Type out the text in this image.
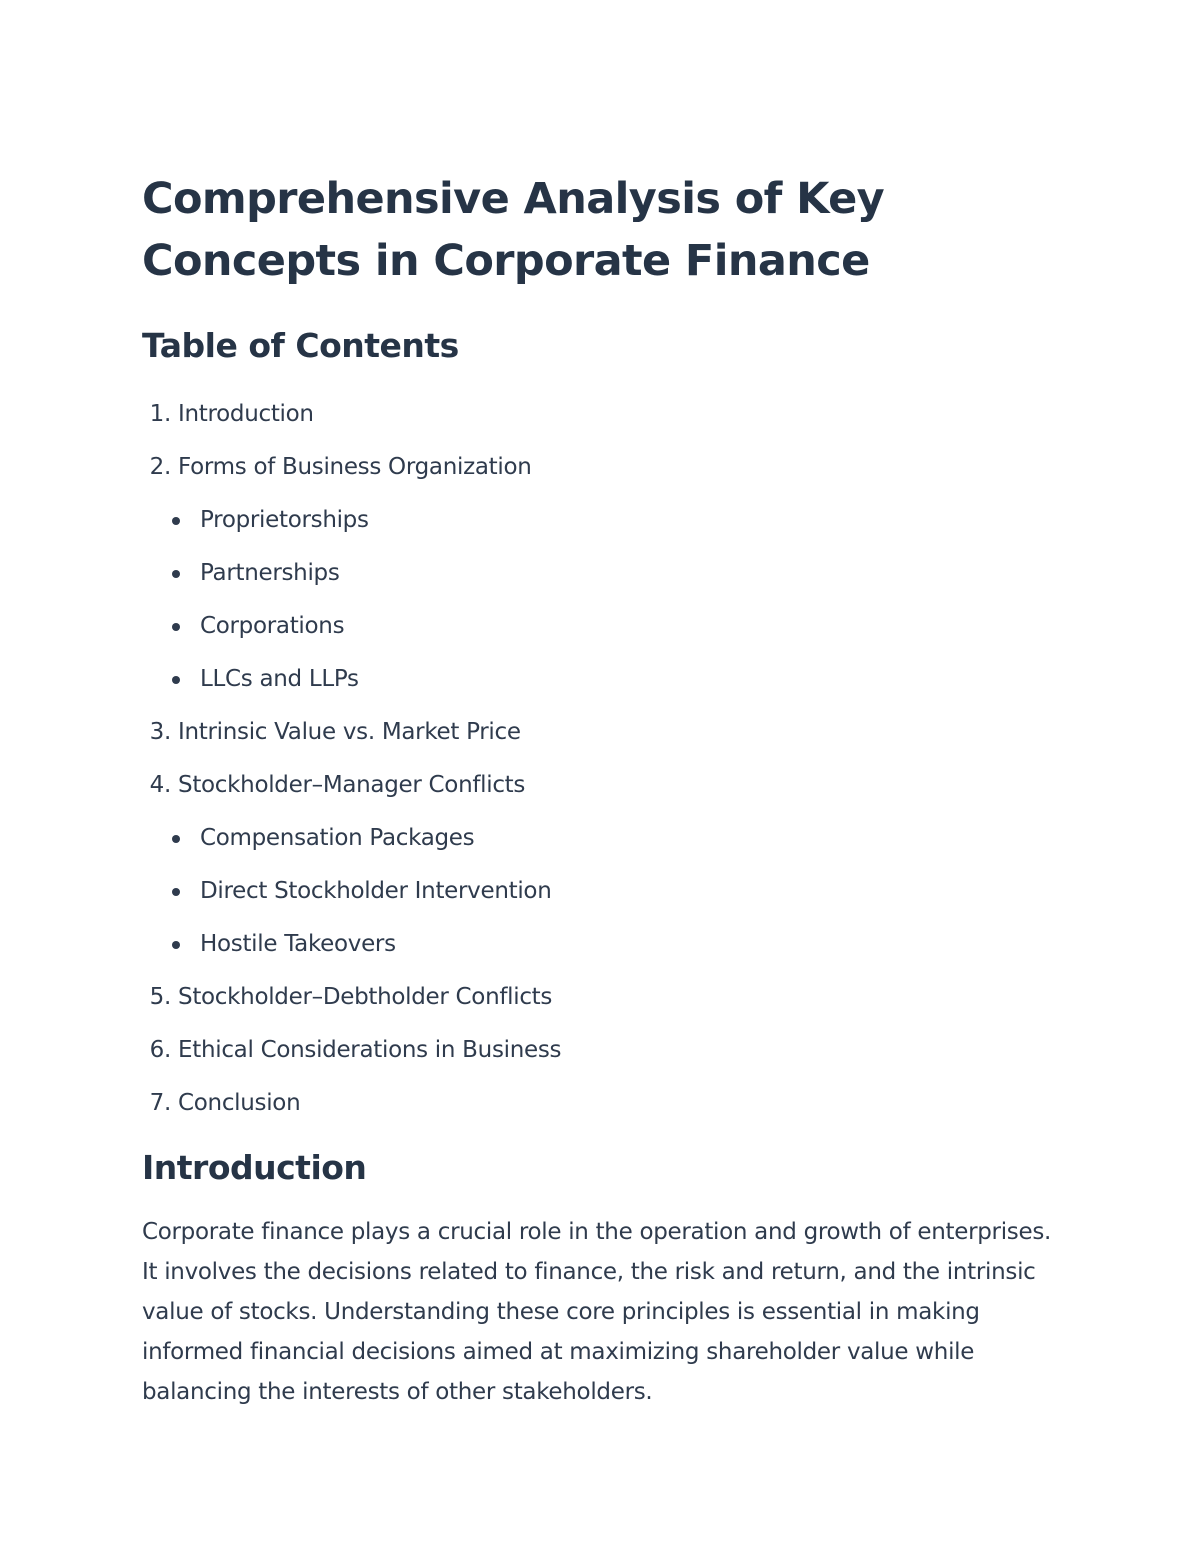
Comprehensive Analysis of Key
Concepts in Corporate Finance
Table of Contents
1. Introduction
2. Forms of Business Organization
Proprietorships
Partnerships
Corporations
LLCs and LLPs
3. Intrinsic Value vs. Market Price
4. Stockholder–Manager Conflicts
Compensation Packages
Direct Stockholder Intervention
Hostile Takeovers
5. Stockholder–Debtholder Conflicts
6. Ethical Considerations in Business
7. Conclusion
Introduction

Corporate finance plays a crucial role in the operation and growth of enterprises. It involves the decisions related to finance, the risk and return, and the intrinsic value of stocks. Understanding these core principles is essential in making informed financial decisions aimed at maximizing shareholder value while balancing the interests of other stakeholders.
